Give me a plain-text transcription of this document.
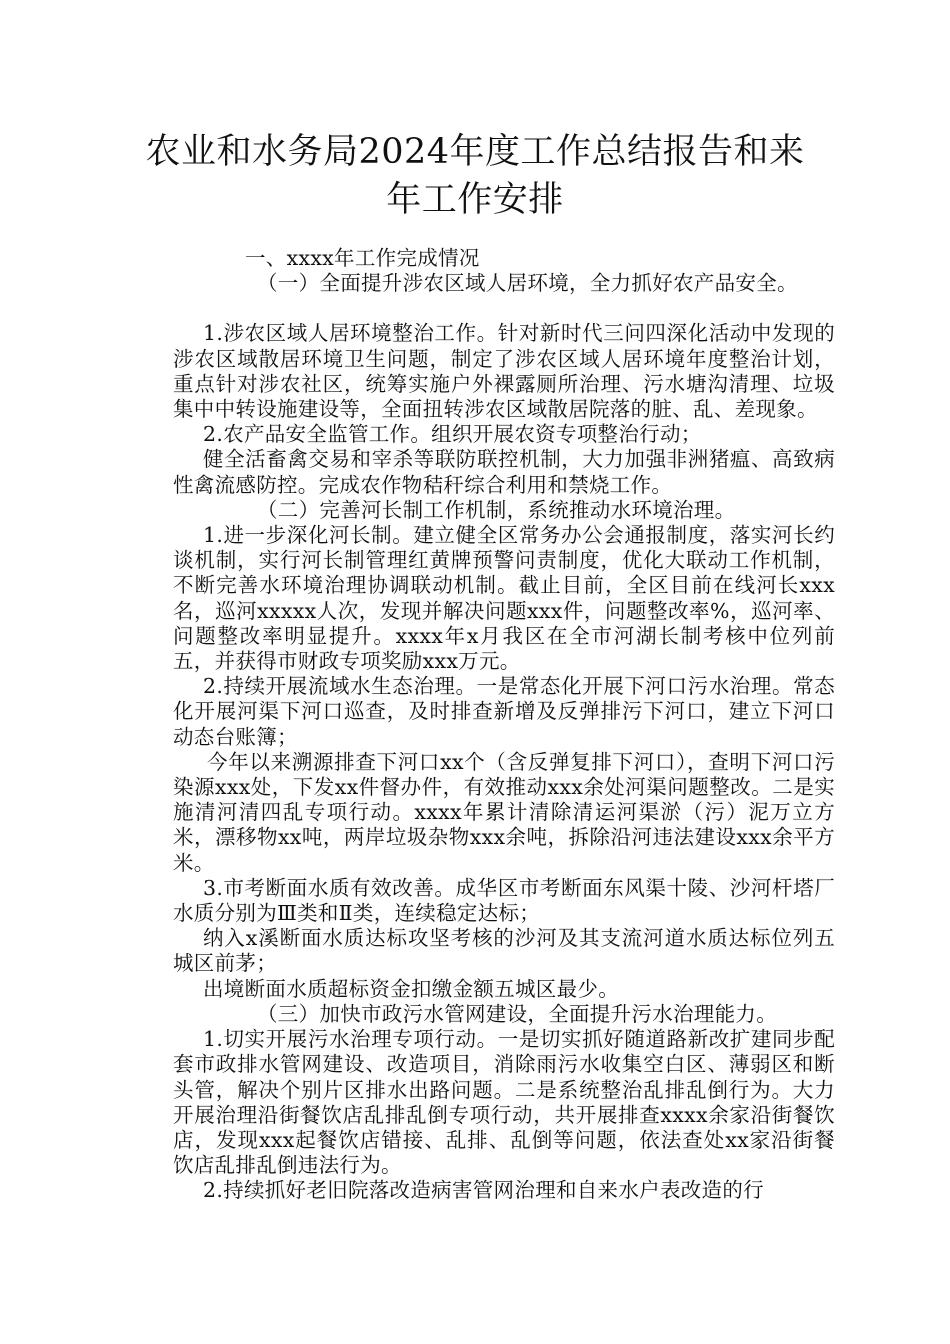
农业和水务局2024年度工作总结报告和来
年工作安排

一、xxxx年工作完成情况

（一）全面提升涉农区域人居环境，全力抓好农产品安全。

1.涉农区域人居环境整治工作。针对新时代三问四深化活动中发现的涉农区域散居环境卫生问题，制定了涉农区域人居环境年度整治计划，重点针对涉农社区，统筹实施户外裸露厕所治理、污水塘沟清理、垃圾集中中转设施建设等，全面扭转涉农区域散居院落的脏、乱、差现象。

2.农产品安全监管工作。组织开展农资专项整治行动；

健全活畜禽交易和宰杀等联防联控机制，大力加强非洲猪瘟、高致病性禽流感防控。完成农作物秸秆综合利用和禁烧工作。

（二）完善河长制工作机制，系统推动水环境治理。

1.进一步深化河长制。建立健全区常务办公会通报制度，落实河长约谈机制，实行河长制管理红黄牌预警问责制度，优化大联动工作机制，不断完善水环境治理协调联动机制。截止目前，全区目前在线河长xxx名，巡河xxxxx人次，发现并解决问题xxx件，问题整改率%，巡河率、问题整改率明显提升。xxxx年x月我区在全市河湖长制考核中位列前五，并获得市财政专项奖励xxx万元。

2.持续开展流域水生态治理。一是常态化开展下河口污水治理。常态化开展河渠下河口巡查，及时排查新增及反弹排污下河口，建立下河口动态台账簿；

今年以来溯源排查下河口xx个（含反弹复排下河口），查明下河口污染源xxx处，下发xx件督办件，有效推动xxx余处河渠问题整改。二是实施清河清四乱专项行动。xxxx年累计清除清运河渠淤（污）泥万立方米，漂移物xx吨，两岸垃圾杂物xxx余吨，拆除沿河违法建设xxx余平方米。

3.市考断面水质有效改善。成华区市考断面东风渠十陵、沙河杆塔厂水质分别为Ⅲ类和Ⅱ类，连续稳定达标；

纳入x溪断面水质达标攻坚考核的沙河及其支流河道水质达标位列五城区前茅；

出境断面水质超标资金扣缴金额五城区最少。

（三）加快市政污水管网建设，全面提升污水治理能力。

1.切实开展污水治理专项行动。一是切实抓好随道路新改扩建同步配套市政排水管网建设、改造项目，消除雨污水收集空白区、薄弱区和断头管，解决个别片区排水出路问题。二是系统整治乱排乱倒行为。大力开展治理沿街餐饮店乱排乱倒专项行动，共开展排查xxxx余家沿街餐饮店，发现xxx起餐饮店错接、乱排、乱倒等问题，依法查处xx家沿街餐饮店乱排乱倒违法行为。

2.持续抓好老旧院落改造病害管网治理和自来水户表改造的行
